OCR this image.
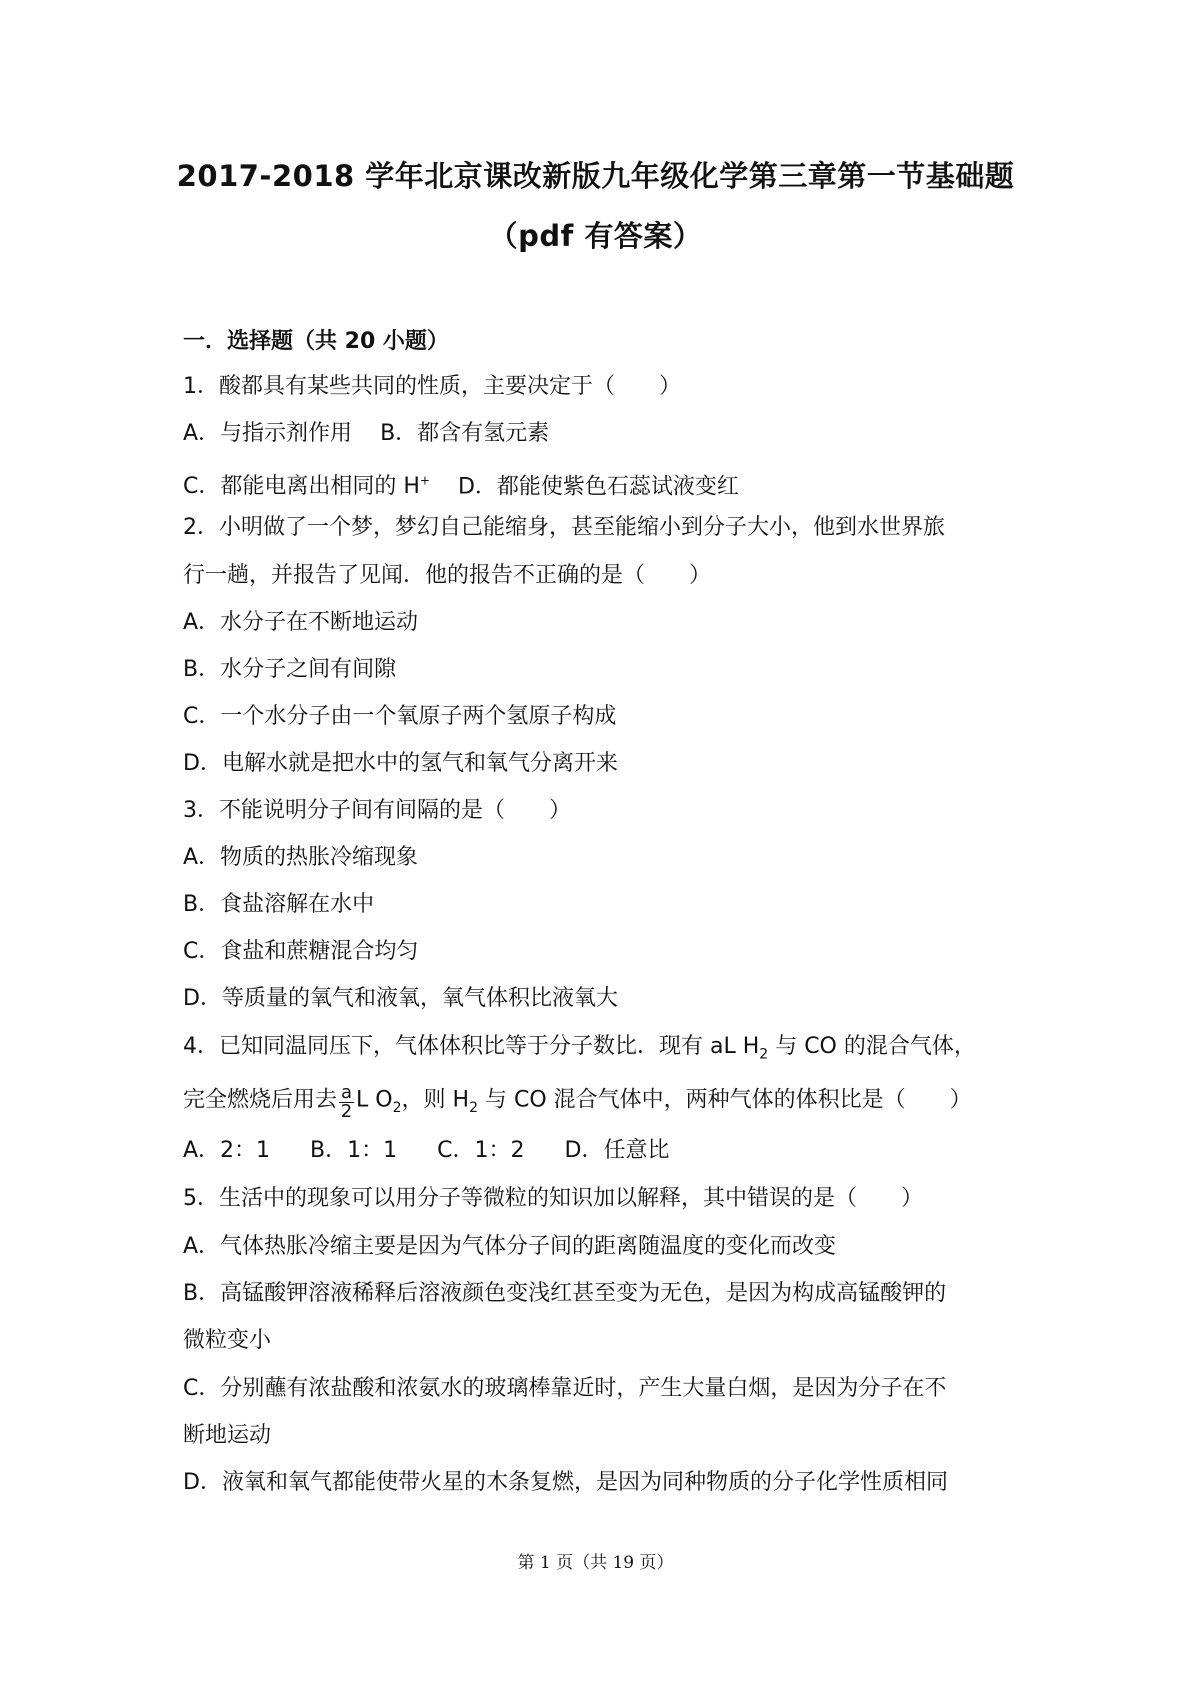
2017-2018 学年北京课改新版九年级化学第三章第一节基础题
（pdf 有答案）
一．选择题（共 20 小题）
1．酸都具有某些共同的性质，主要决定于（　　）
A．与指示剂作用 B．都含有氢元素
C．都能电离出相同的 H+ D．都能使紫色石蕊试液变红
2．小明做了一个梦，梦幻自己能缩身，甚至能缩小到分子大小，他到水世界旅
行一趟，并报告了见闻．他的报告不正确的是（　　）
A．水分子在不断地运动
B．水分子之间有间隙
C．一个水分子由一个氧原子两个氢原子构成
D．电解水就是把水中的氢气和氧气分离开来
3．不能说明分子间有间隔的是（　　）
A．物质的热胀冷缩现象
B．食盐溶解在水中
C．食盐和蔗糖混合均匀
D．等质量的氧气和液氧，氧气体积比液氧大
4．已知同温同压下，气体体积比等于分子数比．现有 aL $H_2$ 与 CO 的混合气体，
完全燃烧后用去 $\frac{a}{2}$ L $O_2$，则 $H_2$ 与 CO 混合气体中，两种气体的体积比是（　　）
A．2：1 B．1：1 C．1：2 D．任意比
5．生活中的现象可以用分子等微粒的知识加以解释，其中错误的是（　　）
A．气体热胀冷缩主要是因为气体分子间的距离随温度的变化而改变
B．高锰酸钾溶液稀释后溶液颜色变浅红甚至变为无色，是因为构成高锰酸钾的
微粒变小
C．分别蘸有浓盐酸和浓氨水的玻璃棒靠近时，产生大量白烟，是因为分子在不
断地运动
D．液氧和氧气都能使带火星的木条复燃，是因为同种物质的分子化学性质相同
第 1 页（共 19 页）
